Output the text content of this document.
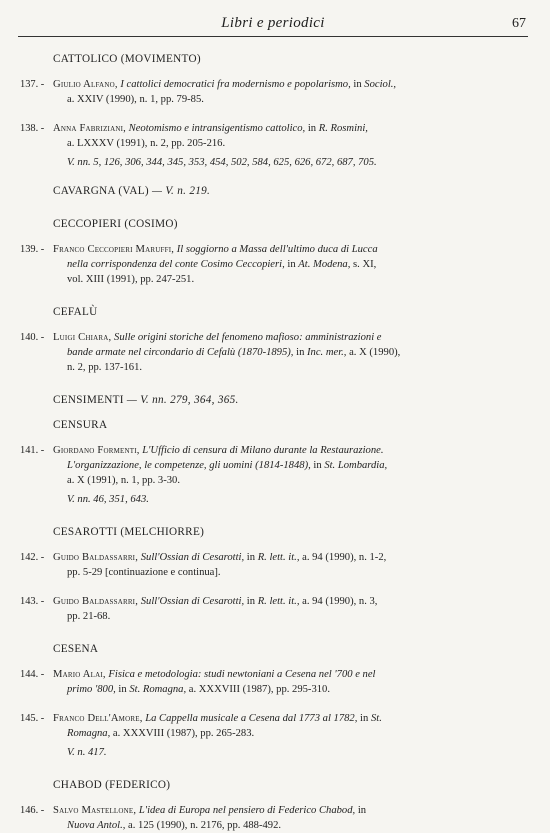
Libri e periodici	67
CATTOLICO (MOVIMENTO)
137. - Giulio Alfano, I cattolici democratici fra modernismo e popolarismo, in Sociol.,
a. XXIV (1990), n. 1, pp. 79-85.
138. - Anna Fabriziani, Neotomismo e intransigentismo cattolico, in R. Rosmini,
a. LXXXV (1991), n. 2, pp. 205-216.
V. nn. 5, 126, 306, 344, 345, 353, 454, 502, 584, 625, 626, 672, 687, 705.
CAVARGNA (VAL) — V. n. 219.
CECCOPIERI (COSIMO)
139. - Franco Ceccopieri Maruffi, Il soggiorno a Massa dell'ultimo duca di Lucca
nella corrispondenza del conte Cosimo Ceccopieri, in At. Modena, s. XI,
vol. XIII (1991), pp. 247-251.
CEFALÙ
140. - Luigi Chiara, Sulle origini storiche del fenomeno mafioso: amministrazioni e
bande armate nel circondario di Cefalù (1870-1895), in Inc. mer., a. X (1990),
n. 2, pp. 137-161.
CENSIMENTI — V. nn. 279, 364, 365.
CENSURA
141. - Giordano Formenti, L'Ufficio di censura di Milano durante la Restaurazione.
L'organizzazione, le competenze, gli uomini (1814-1848), in St. Lombardia,
a. X (1991), n. 1, pp. 3-30.
V. nn. 46, 351, 643.
CESAROTTI (MELCHIORRE)
142. - Guido Baldassarri, Sull'Ossian di Cesarotti, in R. lett. it., a. 94 (1990), n. 1-2,
pp. 5-29 [continuazione e continua].
143. - Guido Baldassarri, Sull'Ossian di Cesarotti, in R. lett. it., a. 94 (1990), n. 3,
pp. 21-68.
CESENA
144. - Mario Alai, Fisica e metodologia: studi newtoniani a Cesena nel '700 e nel
primo '800, in St. Romagna, a. XXXVIII (1987), pp. 295-310.
145. - Franco Dell'Amore, La Cappella musicale a Cesena dal 1773 al 1782, in St.
Romagna, a. XXXVIII (1987), pp. 265-283.
V. n. 417.
CHABOD (FEDERICO)
146. - Salvo Mastellone, L'idea di Europa nel pensiero di Federico Chabod, in
Nuova Antol., a. 125 (1990), n. 2176, pp. 488-492.
